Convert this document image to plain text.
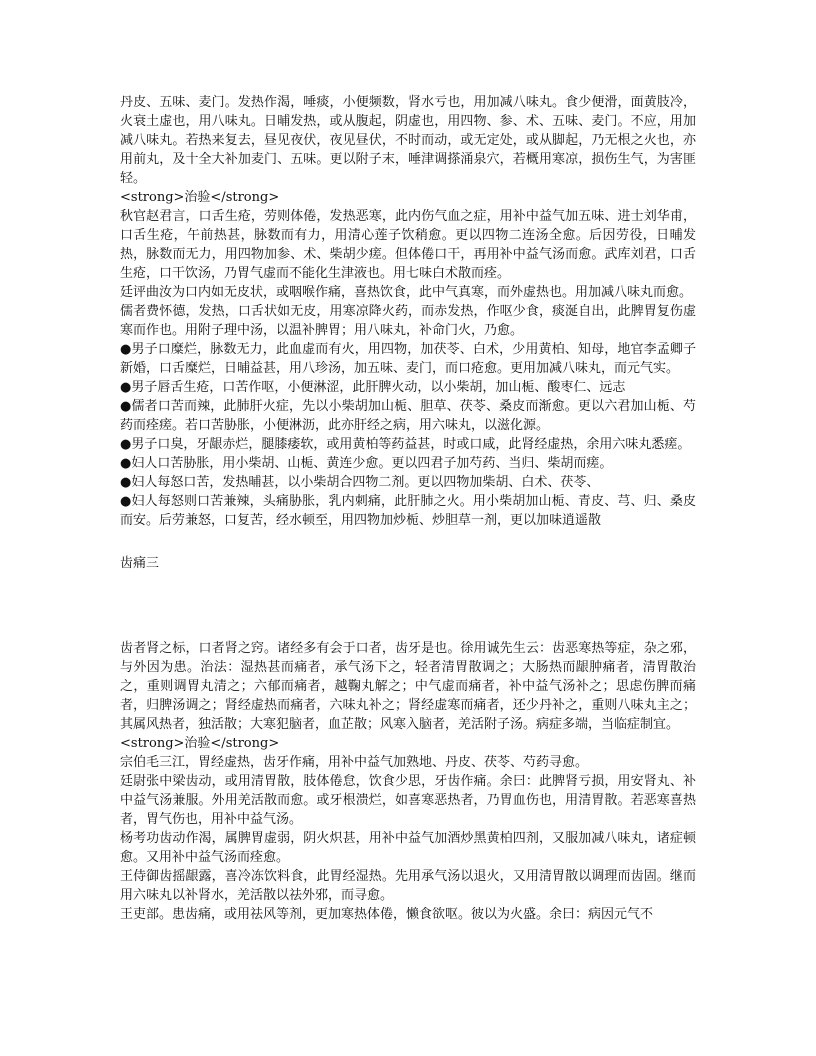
丹皮、五味、麦门。发热作渴，唾痰，小便频数，肾水亏也，用加减八味丸。食少便滑，面黄肢冷，火衰土虚也，用八味丸。日晡发热，或从腹起，阴虚也，用四物、参、术、五味、麦门。不应，用加减八味丸。若热来复去，昼见夜伏，夜见昼伏，不时而动，或无定处，或从脚起，乃无根之火也，亦用前丸，及十全大补加麦门、五味。更以附子末，唾津调搽涌泉穴，若概用寒凉，损伤生气，为害匪轻。

<strong>治验</strong>

秋官赵君言，口舌生疮，劳则体倦，发热恶寒，此内伤气血之症，用补中益气加五味、进士刘华甫，口舌生疮，午前热甚，脉数而有力，用清心莲子饮稍愈。更以四物二连汤全愈。后因劳役，日晡发热，脉数而无力，用四物加参、术、柴胡少瘥。但体倦口干，再用补中益气汤而愈。武库刘君，口舌生疮，口干饮汤，乃胃气虚而不能化生津液也。用七味白术散而痊。

廷评曲汝为口内如无皮状，或咽喉作痛，喜热饮食，此中气真寒，而外虚热也。用加减八味丸而愈。

儒者费怀德，发热，口舌状如无皮，用寒凉降火药，而赤发热，作呕少食，痰涎自出，此脾胃复伤虚寒而作也。用附子理中汤，以温补脾胃；用八味丸，补命门火，乃愈。

●男子口糜烂，脉数无力，此血虚而有火，用四物，加茯苓、白术，少用黄柏、知母，地官李孟卿子新婚，口舌糜烂，日晡益甚，用八珍汤，加五味、麦门，而口疮愈。更用加减八味丸，而元气实。

●男子唇舌生疮，口苦作呕，小便淋涩，此肝脾火动，以小柴胡，加山栀、酸枣仁、远志

●儒者口苦而辣，此肺肝火症，先以小柴胡加山栀、胆草、茯苓、桑皮而渐愈。更以六君加山栀、芍药而痊瘥。若口苦胁胀，小便淋沥，此亦肝经之病，用六味丸，以滋化源。

●男子口臭，牙龈赤烂，腿膝痿软，或用黄柏等药益甚，时或口咸，此肾经虚热，余用六味丸悉瘥。

●妇人口苦胁胀，用小柴胡、山栀、黄连少愈。更以四君子加芍药、当归、柴胡而瘥。

●妇人每怒口苦，发热晡甚，以小柴胡合四物二剂。更以四物加柴胡、白术、茯苓、

●妇人每怒则口苦兼辣，头痛胁胀，乳内刺痛，此肝肺之火。用小柴胡加山栀、青皮、芎、归、桑皮而安。后劳兼怒，口复苦，经水顿至，用四物加炒栀、炒胆草一剂，更以加味逍遥散

齿痛三

齿者肾之标，口者肾之窍。诸经多有会于口者，齿牙是也。徐用诚先生云：齿恶寒热等症，杂之邪，与外因为患。治法：湿热甚而痛者，承气汤下之，轻者清胃散调之；大肠热而龈肿痛者，清胃散治之，重则调胃丸清之；六郁而痛者，越鞠丸解之；中气虚而痛者，补中益气汤补之；思虑伤脾而痛者，归脾汤调之；肾经虚热而痛者，六味丸补之；肾经虚寒而痛者，还少丹补之，重则八味丸主之；其属风热者，独活散；大寒犯脑者，血芷散；风寒入脑者，羌活附子汤。病症多端，当临症制宜。

<strong>治验</strong>

宗伯毛三江，胃经虚热，齿牙作痛，用补中益气加熟地、丹皮、茯苓、芍药寻愈。

廷尉张中梁齿动，或用清胃散，肢体倦怠，饮食少思，牙齿作痛。余曰：此脾肾亏损，用安肾丸、补中益气汤兼服。外用羌活散而愈。或牙根溃烂，如喜寒恶热者，乃胃血伤也，用清胃散。若恶寒喜热者，胃气伤也，用补中益气汤。

杨考功齿动作渴，属脾胃虚弱，阴火炽甚，用补中益气加酒炒黑黄柏四剂，又服加减八味丸，诸症顿愈。又用补中益气汤而痊愈。

王侍御齿摇龈露，喜冷冻饮料食，此胃经湿热。先用承气汤以退火，又用清胃散以调理而齿固。继而用六味丸以补肾水，羌活散以祛外邪，而寻愈。

王吏部。患齿痛，或用祛风等剂，更加寒热体倦，懒食欲呕。彼以为火盛。余曰：病因元气不
